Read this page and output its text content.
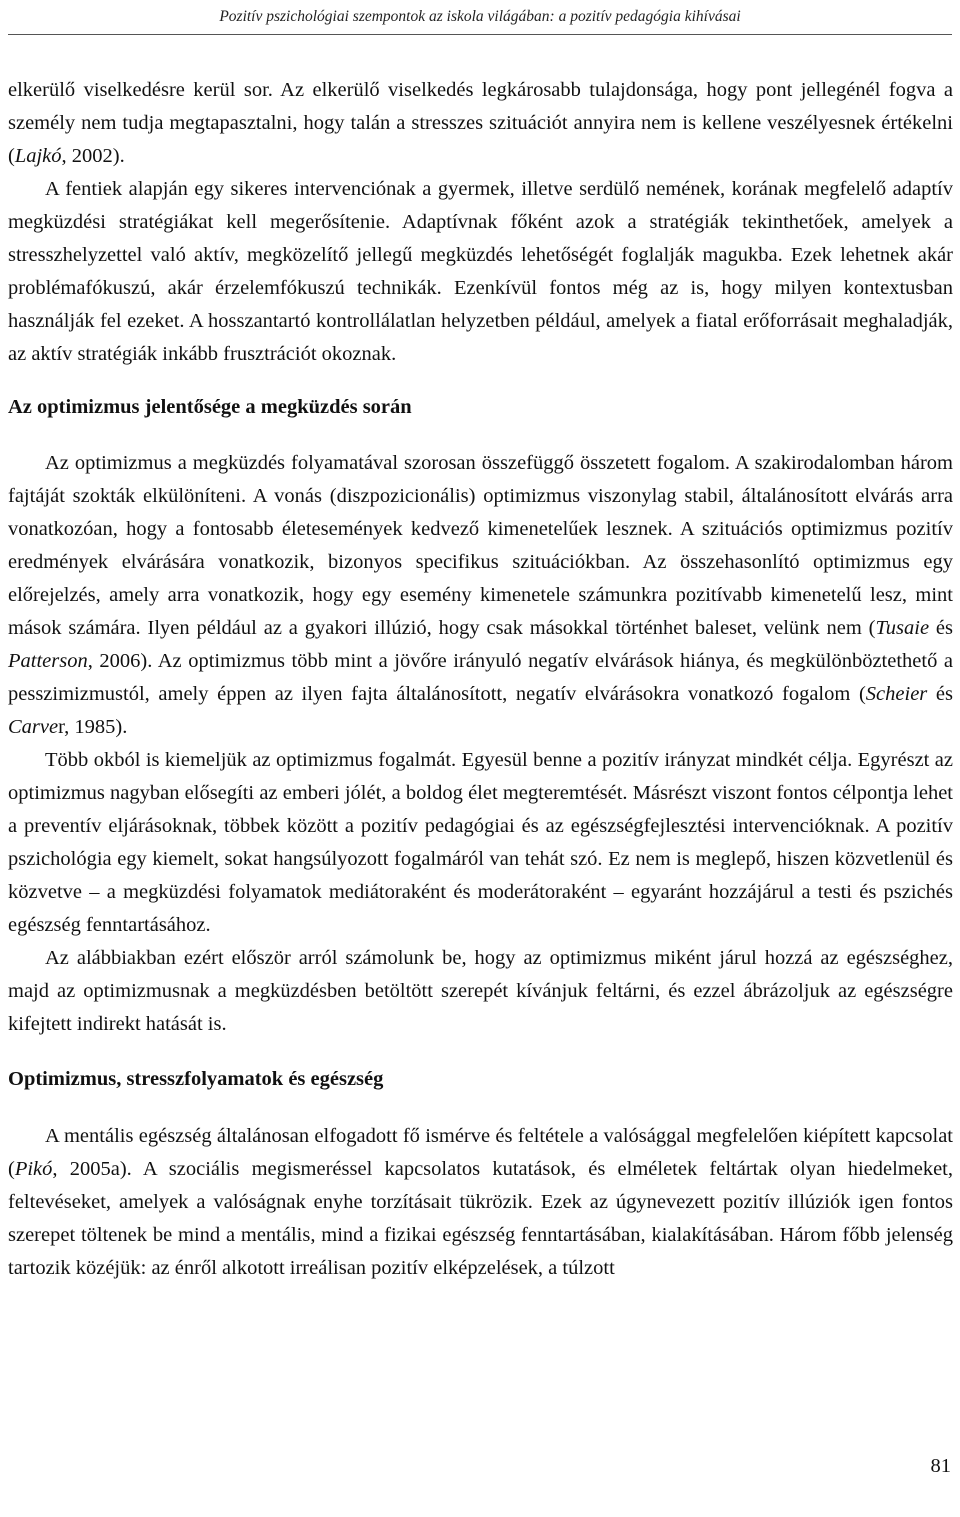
Pozitív pszichológiai szempontok az iskola világában: a pozitív pedagógia kihívásai

elkerülő viselkedésre kerül sor. Az elkerülő viselkedés legkárosabb tulajdonsága, hogy pont jellegénél fogva a személy nem tudja megtapasztalni, hogy talán a stresszes szituációt annyira nem is kellene veszélyesnek értékelni (Lajkó, 2002).

A fentiek alapján egy sikeres intervenciónak a gyermek, illetve serdülő nemének, korának megfelelő adaptív megküzdési stratégiákat kell megerősítenie. Adaptívnak főként azok a stratégiák tekinthetőek, amelyek a stresszhelyzettel való aktív, megközelítő jellegű megküzdés lehetőségét foglalják magukba. Ezek lehetnek akár problémafókuszú, akár érzelemfókuszú technikák. Ezenkívül fontos még az is, hogy milyen kontextusban használják fel ezeket. A hosszantartó kontrollálatlan helyzetben például, amelyek a fiatal erőforrásait meghaladják, az aktív stratégiák inkább frusztrációt okoznak.

Az optimizmus jelentősége a megküzdés során

Az optimizmus a megküzdés folyamatával szorosan összefüggő összetett fogalom. A szakirodalomban három fajtáját szokták elkülöníteni. A vonás (diszpozicionális) optimizmus viszonylag stabil, általánosított elvárás arra vonatkozóan, hogy a fontosabb életesemények kedvező kimenetelűek lesznek. A szituációs optimizmus pozitív eredmények elvárására vonatkozik, bizonyos specifikus szituációkban. Az összehasonlító optimizmus egy előrejelzés, amely arra vonatkozik, hogy egy esemény kimenetele számunkra pozitívabb kimenetelű lesz, mint mások számára. Ilyen például az a gyakori illúzió, hogy csak másokkal történhet baleset, velünk nem (Tusaie és Patterson, 2006). Az optimizmus több mint a jövőre irányuló negatív elvárások hiánya, és megkülönböztethető a pesszimizmustól, amely éppen az ilyen fajta általánosított, negatív elvárásokra vonatkozó fogalom (Scheier és Carver, 1985).

Több okból is kiemeljük az optimizmus fogalmát. Egyesül benne a pozitív irányzat mindkét célja. Egyrészt az optimizmus nagyban elősegíti az emberi jólét, a boldog élet megteremtését. Másrészt viszont fontos célpontja lehet a preventív eljárásoknak, többek között a pozitív pedagógiai és az egészségfejlesztési intervencióknak. A pozitív pszichológia egy kiemelt, sokat hangsúlyozott fogalmáról van tehát szó. Ez nem is meglepő, hiszen közvetlenül és közvetve – a megküzdési folyamatok mediátoraként és moderátoraként – egyaránt hozzájárul a testi és pszichés egészség fenntartásához.

Az alábbiakban ezért először arról számolunk be, hogy az optimizmus miként járul hozzá az egészséghez, majd az optimizmusnak a megküzdésben betöltött szerepét kívánjuk feltárni, és ezzel ábrázoljuk az egészségre kifejtett indirekt hatását is.

Optimizmus, stresszfolyamatok és egészség

A mentális egészség általánosan elfogadott fő ismérve és feltétele a valósággal megfelelően kiépített kapcsolat (Pikó, 2005a). A szociális megismeréssel kapcsolatos kutatások, és elméletek feltártak olyan hiedelmeket, feltevéseket, amelyek a valóságnak enyhe torzításait tükrözik. Ezek az úgynevezett pozitív illúziók igen fontos szerepet töltenek be mind a mentális, mind a fizikai egészség fenntartásában, kialakításában. Három főbb jelenség tartozik közéjük: az énről alkotott irreálisan pozitív elképzelések, a túlzott

81
